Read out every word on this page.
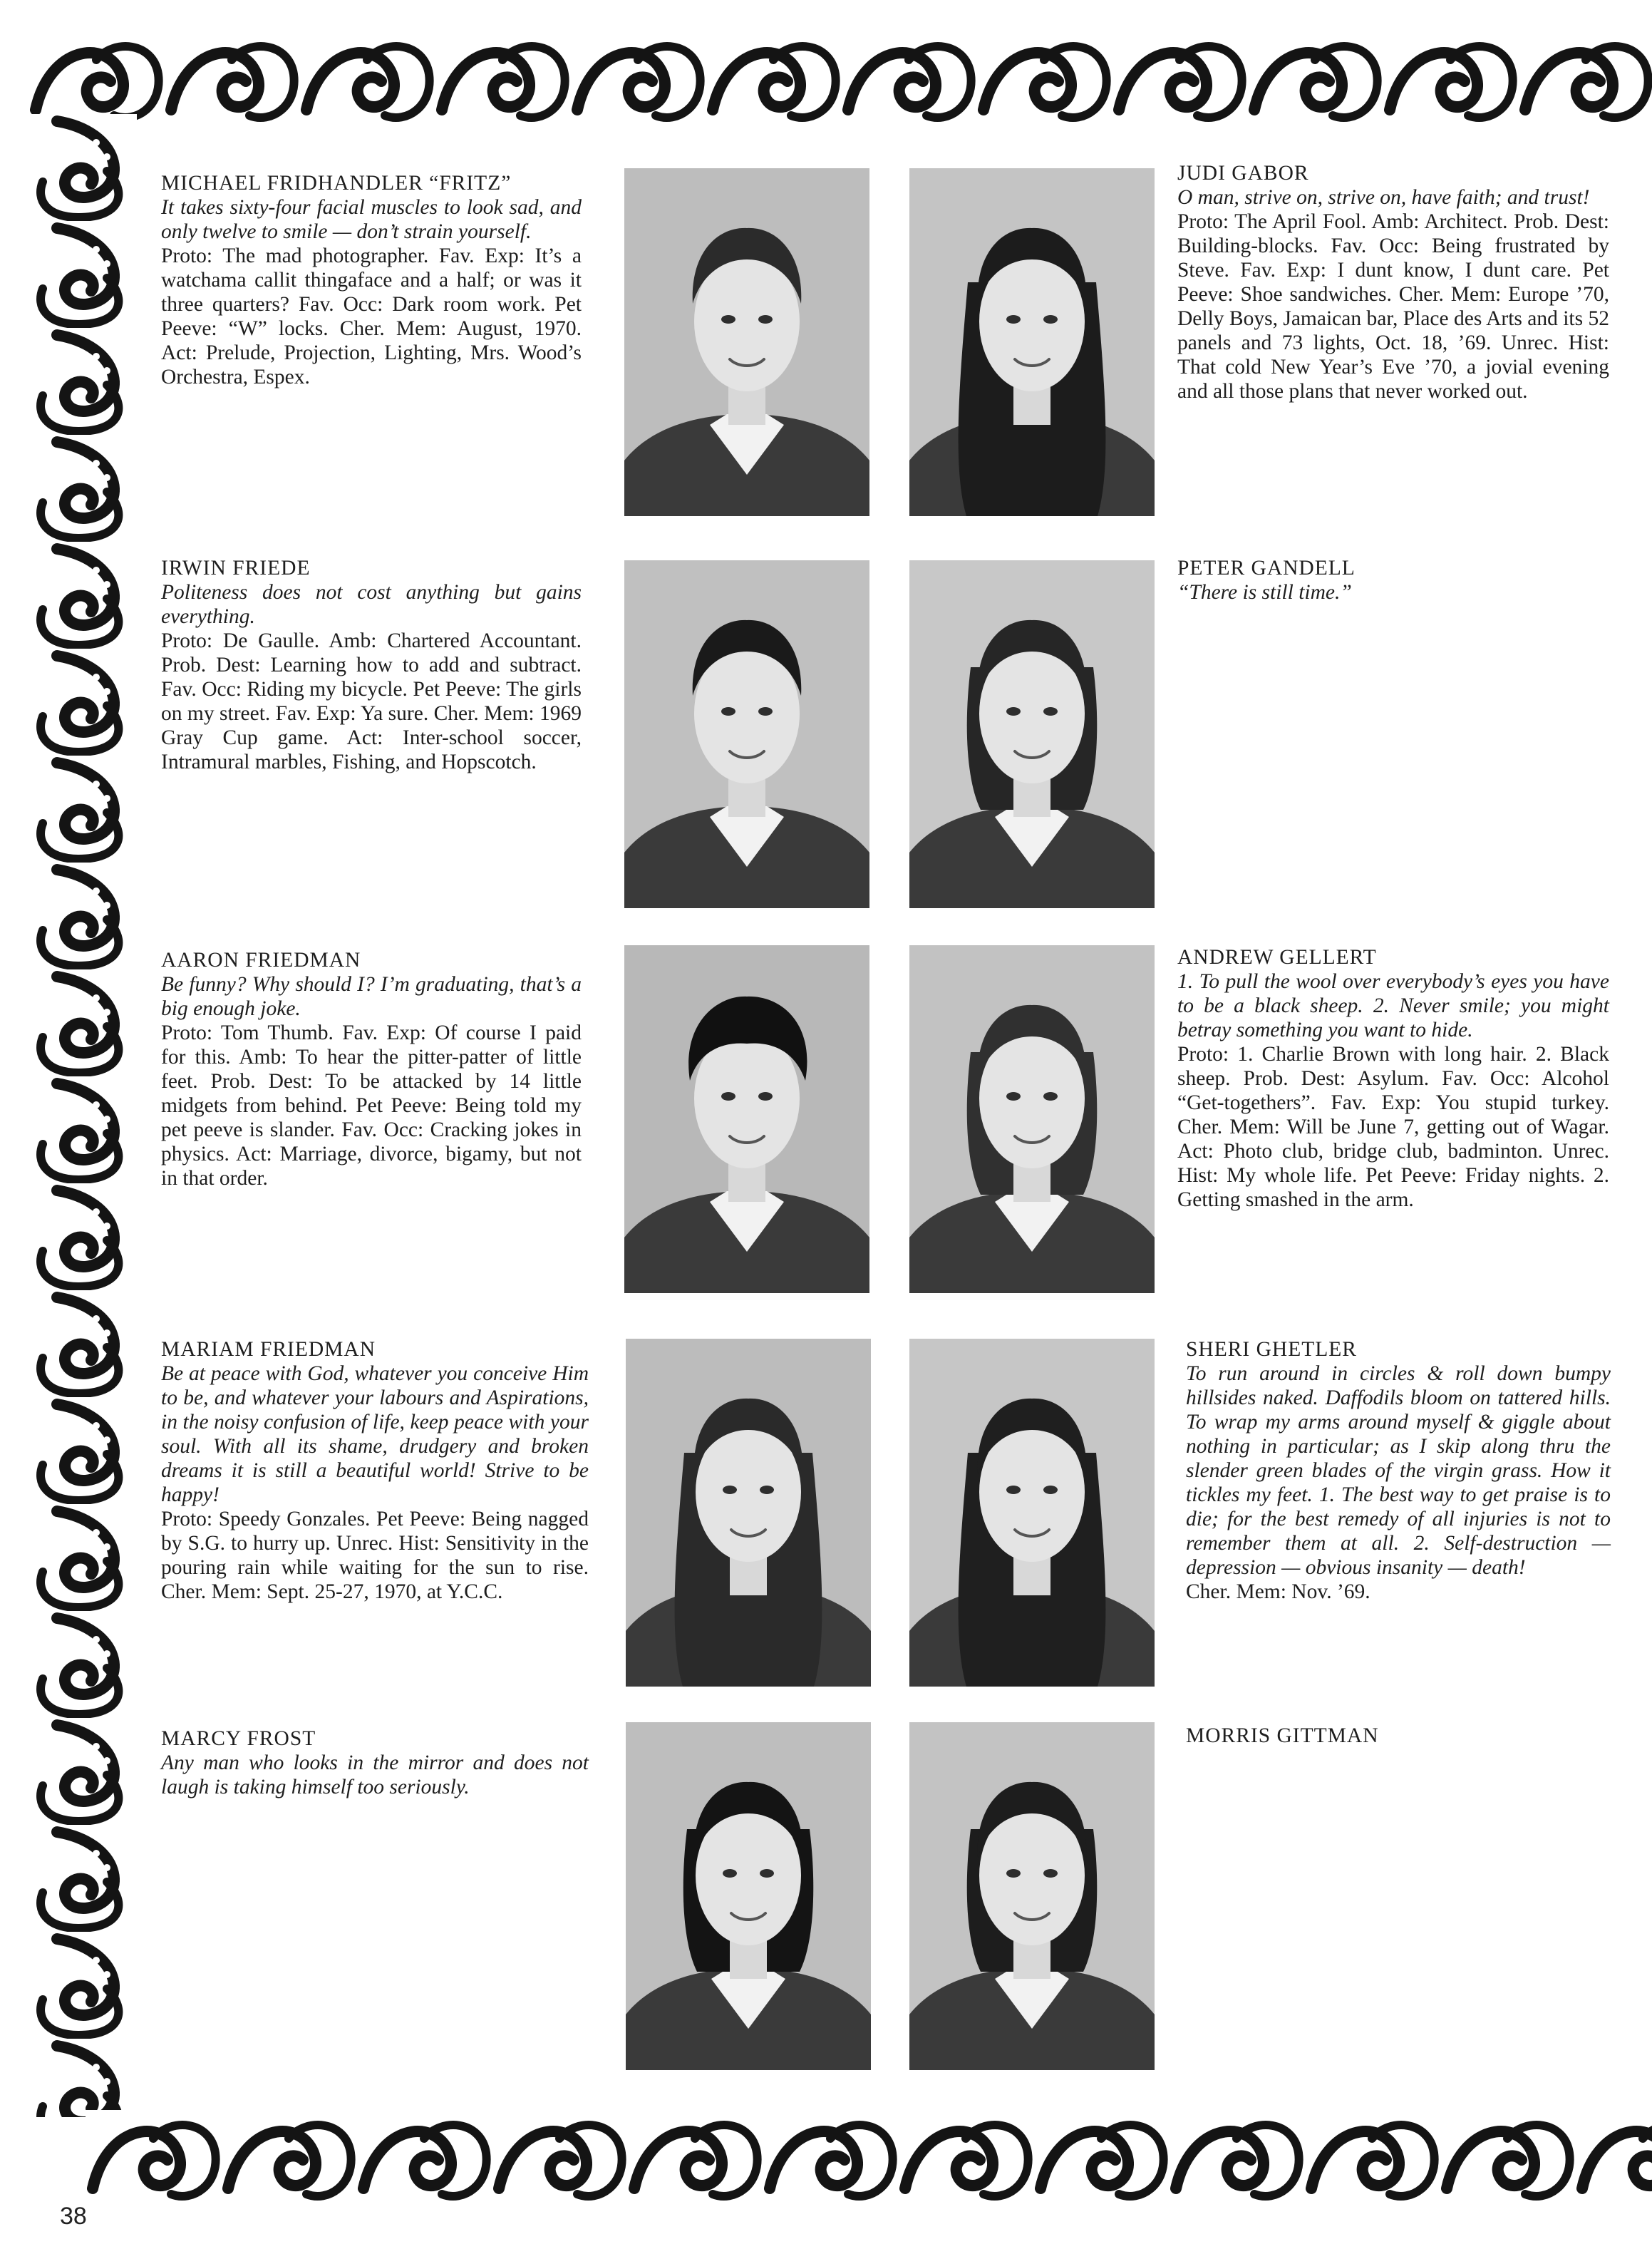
MICHAEL FRIDHANDLER “FRITZ”
It takes sixty-four facial muscles to look sad, and only twelve to smile — don’t strain yourself.
Proto: The mad photographer. Fav. Exp: It’s a watchama callit thingaface and a half; or was it three quarters? Fav. Occ: Dark room work. Pet Peeve: “W” locks. Cher. Mem: August, 1970. Act: Prelude, Projection, Lighting, Mrs. Wood’s Orchestra, Espex.
IRWIN FRIEDE
Politeness does not cost anything but gains everything.
Proto: De Gaulle. Amb: Chartered Accountant. Prob. Dest: Learning how to add and subtract. Fav. Occ: Riding my bicycle. Pet Peeve: The girls on my street. Fav. Exp: Ya sure. Cher. Mem: 1969 Gray Cup game. Act: Inter-school soccer, Intramural marbles, Fishing, and Hopscotch.
AARON FRIEDMAN
Be funny? Why should I? I’m graduating, that’s a big enough joke.
Proto: Tom Thumb. Fav. Exp: Of course I paid for this. Amb: To hear the pitter-patter of little feet. Prob. Dest: To be attacked by 14 little midgets from behind. Pet Peeve: Being told my pet peeve is slander. Fav. Occ: Cracking jokes in physics. Act: Marriage, divorce, bigamy, but not in that order.
MARIAM FRIEDMAN
Be at peace with God, whatever you conceive Him to be, and whatever your labours and Aspirations, in the noisy confusion of life, keep peace with your soul. With all its shame, drudgery and broken dreams it is still a beautiful world! Strive to be happy!
Proto: Speedy Gonzales. Pet Peeve: Being nagged by S.G. to hurry up. Unrec. Hist: Sensitivity in the pouring rain while waiting for the sun to rise. Cher. Mem: Sept. 25-27, 1970, at Y.C.C.
MARCY FROST
Any man who looks in the mirror and does not laugh is taking himself too seriously.
JUDI GABOR
O man, strive on, strive on, have faith; and trust!
Proto: The April Fool. Amb: Architect. Prob. Dest: Building-blocks. Fav. Occ: Being frustrated by Steve. Fav. Exp: I dunt know, I dunt care. Pet Peeve: Shoe sandwiches. Cher. Mem: Europe ’70, Delly Boys, Jamaican bar, Place des Arts and its 52 panels and 73 lights, Oct. 18, ’69. Unrec. Hist: That cold New Year’s Eve ’70, a jovial evening and all those plans that never worked out.
PETER GANDELL
“There is still time.”
ANDREW GELLERT
1. To pull the wool over everybody’s eyes you have to be a black sheep. 2. Never smile; you might betray something you want to hide.
Proto: 1. Charlie Brown with long hair. 2. Black sheep. Prob. Dest: Asylum. Fav. Occ: Alcohol “Get-togethers”. Fav. Exp: You stupid turkey. Cher. Mem: Will be June 7, getting out of Wagar. Act: Photo club, bridge club, badminton. Unrec. Hist: My whole life. Pet Peeve: Friday nights. 2. Getting smashed in the arm.
SHERI GHETLER
To run around in circles & roll down bumpy hillsides naked. Daffodils bloom on tattered hills. To wrap my arms around myself & giggle about nothing in particular; as I skip along thru the slender green blades of the virgin grass. How it tickles my feet. 1. The best way to get praise is to die; for the best remedy of all injuries is not to remember them at all. 2. Self-destruction — depression — obvious insanity — death!
Cher. Mem: Nov. ’69.
MORRIS GITTMAN
38
